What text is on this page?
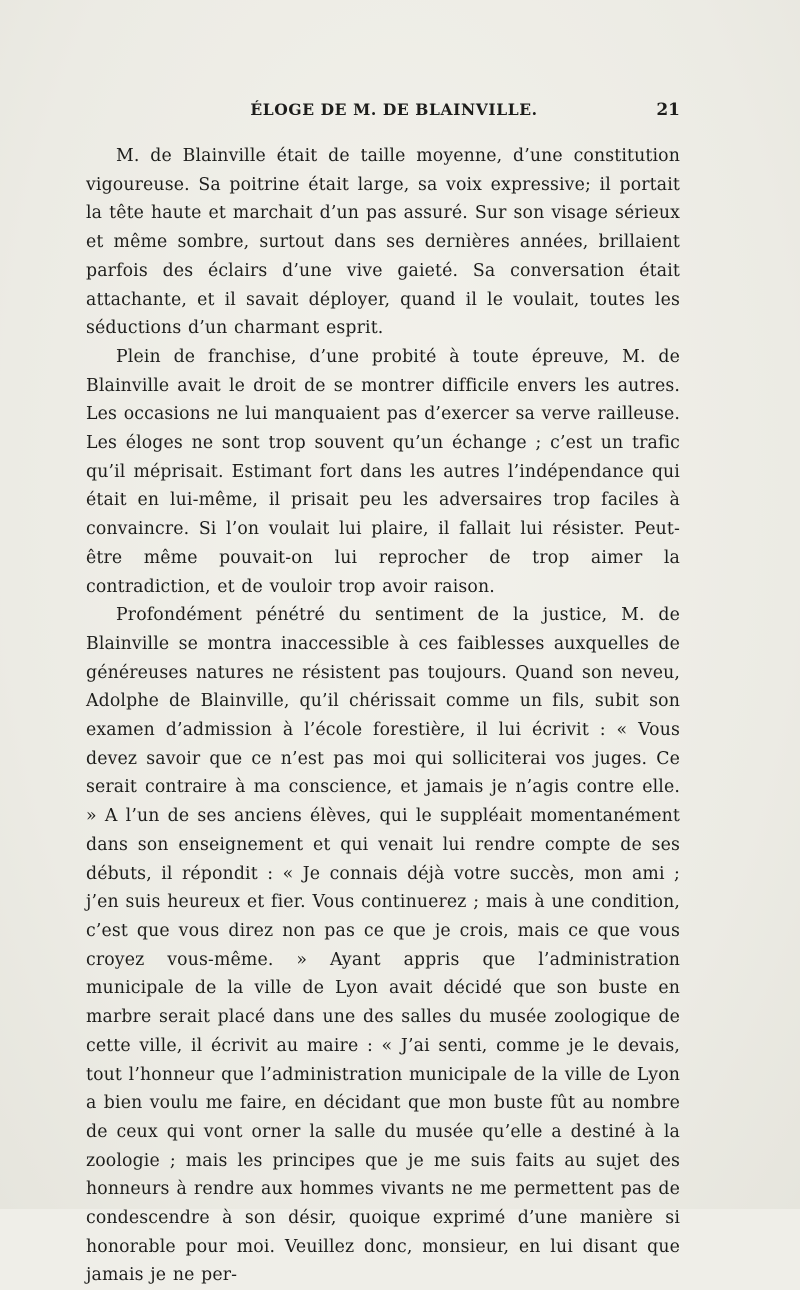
ÉLOGE DE M. DE BLAINVILLE.	21

M. de Blainville était de taille moyenne, d’une constitution vigoureuse. Sa poitrine était large, sa voix expressive; il portait la tête haute et marchait d’un pas assuré. Sur son visage sérieux et même sombre, surtout dans ses dernières années, brillaient parfois des éclairs d’une vive gaieté. Sa conversation était attachante, et il savait déployer, quand il le voulait, toutes les séductions d’un charmant esprit.

Plein de franchise, d’une probité à toute épreuve, M. de Blainville avait le droit de se montrer difficile envers les autres. Les occasions ne lui manquaient pas d’exercer sa verve railleuse. Les éloges ne sont trop souvent qu’un échange ; c’est un trafic qu’il méprisait. Estimant fort dans les autres l’indépendance qui était en lui-même, il prisait peu les adversaires trop faciles à convaincre. Si l’on voulait lui plaire, il fallait lui résister. Peut-être même pouvait-on lui reprocher de trop aimer la contradiction, et de vouloir trop avoir raison.

Profondément pénétré du sentiment de la justice, M. de Blainville se montra inaccessible à ces faiblesses auxquelles de généreuses natures ne résistent pas toujours. Quand son neveu, Adolphe de Blainville, qu’il chérissait comme un fils, subit son examen d’admission à l’école forestière, il lui écrivit : « Vous devez savoir que ce n’est pas moi qui solliciterai vos juges. Ce serait contraire à ma conscience, et jamais je n’agis contre elle. » A l’un de ses anciens élèves, qui le suppléait momentanément dans son enseignement et qui venait lui rendre compte de ses débuts, il répondit : « Je connais déjà votre succès, mon ami ; j’en suis heureux et fier. Vous continuerez ; mais à une condition, c’est que vous direz non pas ce que je crois, mais ce que vous croyez vous-même. » Ayant appris que l’administration municipale de la ville de Lyon avait décidé que son buste en marbre serait placé dans une des salles du musée zoologique de cette ville, il écrivit au maire : « J’ai senti, comme je le devais, tout l’honneur que l’administration municipale de la ville de Lyon a bien voulu me faire, en décidant que mon buste fût au nombre de ceux qui vont orner la salle du musée qu’elle a destiné à la zoologie ; mais les principes que je me suis faits au sujet des honneurs à rendre aux hommes vivants ne me permettent pas de condescendre à son désir, quoique exprimé d’une manière si honorable pour moi. Veuillez donc, monsieur, en lui disant que jamais je ne per-
